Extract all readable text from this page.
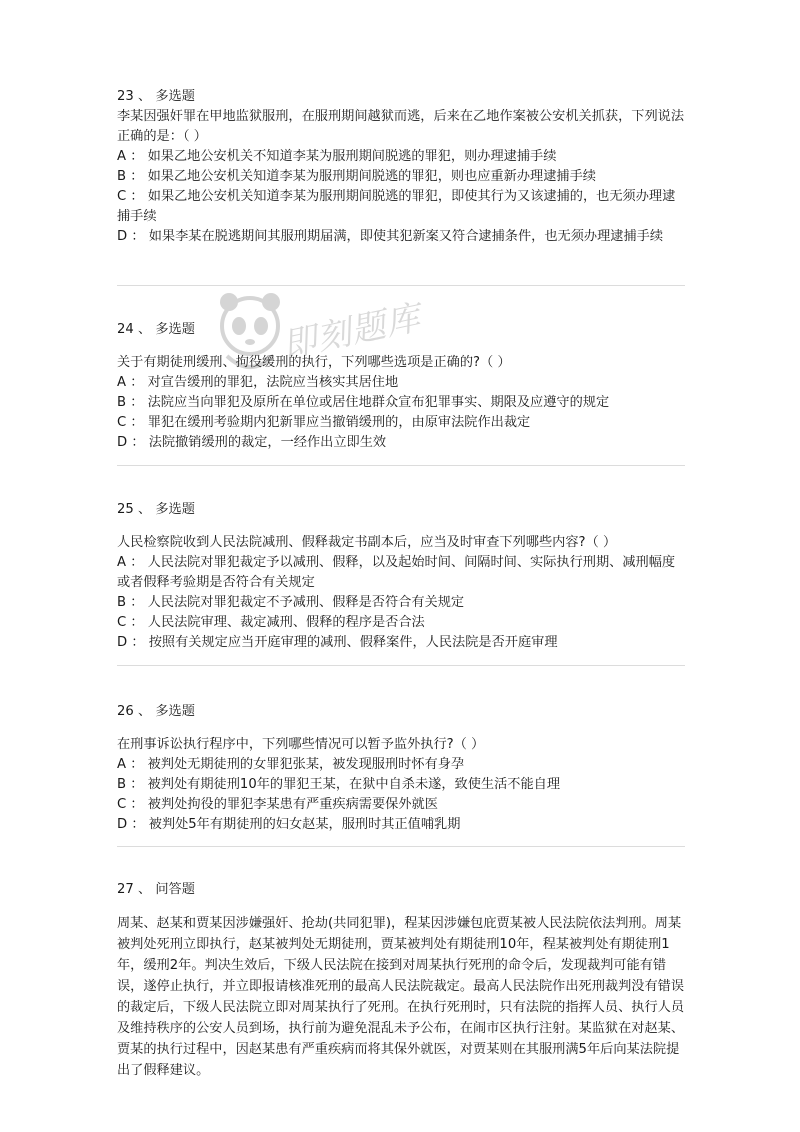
23 、 多选题

李某因强奸罪在甲地监狱服刑，在服刑期间越狱而逃，后来在乙地作案被公安机关抓获，下列说法正确的是：（ ）

A ： 如果乙地公安机关不知道李某为服刑期间脱逃的罪犯，则办理逮捕手续

B ： 如果乙地公安机关知道李某为服刑期间脱逃的罪犯，则也应重新办理逮捕手续

C ： 如果乙地公安机关知道李某为服刑期间脱逃的罪犯，即使其行为又该逮捕的，也无须办理逮捕手续

D ： 如果李某在脱逃期间其服刑期届满，即使其犯新案又符合逮捕条件，也无须办理逮捕手续

24 、 多选题

关于有期徒刑缓刑、拘役缓刑的执行，下列哪些选项是正确的?（ ）

A ： 对宣告缓刑的罪犯，法院应当核实其居住地

B ： 法院应当向罪犯及原所在单位或居住地群众宣布犯罪事实、期限及应遵守的规定

C ： 罪犯在缓刑考验期内犯新罪应当撤销缓刑的，由原审法院作出裁定

D ： 法院撤销缓刑的裁定，一经作出立即生效

25 、 多选题

人民检察院收到人民法院减刑、假释裁定书副本后，应当及时审查下列哪些内容?（ ）

A ： 人民法院对罪犯裁定予以减刑、假释，以及起始时间、间隔时间、实际执行刑期、减刑幅度或者假释考验期是否符合有关规定

B ： 人民法院对罪犯裁定不予减刑、假释是否符合有关规定

C ： 人民法院审理、裁定减刑、假释的程序是否合法

D ： 按照有关规定应当开庭审理的减刑、假释案件，人民法院是否开庭审理

26 、 多选题

在刑事诉讼执行程序中，下列哪些情况可以暂予监外执行?（ ）

A ： 被判处无期徒刑的女罪犯张某，被发现服刑时怀有身孕

B ： 被判处有期徒刑10年的罪犯王某，在狱中自杀未遂，致使生活不能自理

C ： 被判处拘役的罪犯李某患有严重疾病需要保外就医

D ： 被判处5年有期徒刑的妇女赵某，服刑时其正值哺乳期

27 、 问答题

周某、赵某和贾某因涉嫌强奸、抢劫(共同犯罪)，程某因涉嫌包庇贾某被人民法院依法判刑。周某被判处死刑立即执行，赵某被判处无期徒刑，贾某被判处有期徒刑10年，程某被判处有期徒刑1年，缓刑2年。判决生效后，下级人民法院在接到对周某执行死刑的命令后，发现裁判可能有错误，遂停止执行，并立即报请核准死刑的最高人民法院裁定。最高人民法院作出死刑裁判没有错误的裁定后，下级人民法院立即对周某执行了死刑。在执行死刑时，只有法院的指挥人员、执行人员及维持秩序的公安人员到场，执行前为避免混乱未予公布，在闹市区执行注射。某监狱在对赵某、贾某的执行过程中，因赵某患有严重疾病而将其保外就医，对贾某则在其服刑满5年后向某法院提出了假释建议。

即刻题库
